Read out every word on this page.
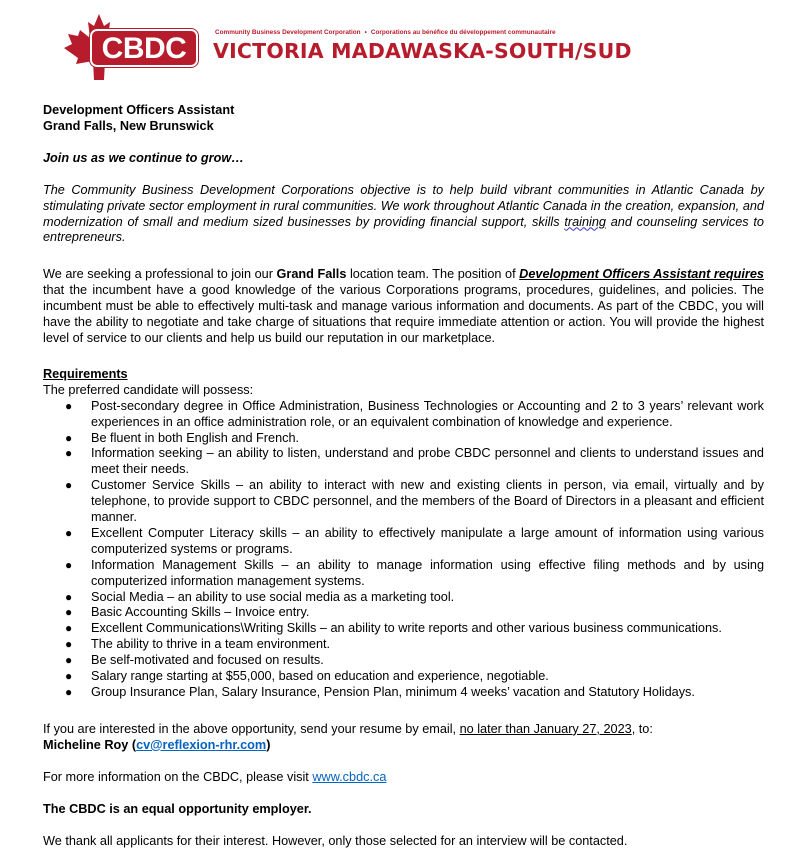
CBDC	Community Business Development Corporation • Corporations au bénéfice du développement communautaire
VICTORIA MADAWASKA-SOUTH/SUD

Development Officers Assistant

Grand Falls, New Brunswick

Join us as we continue to grow…

The Community Business Development Corporations objective is to help build vibrant communities in Atlantic Canada by stimulating private sector employment in rural communities. We work throughout Atlantic Canada in the creation, expansion, and modernization of small and medium sized businesses by providing financial support, skills training and counseling services to entrepreneurs.

We are seeking a professional to join our Grand Falls location team. The position of Development Officers Assistant requires that the incumbent have a good knowledge of the various Corporations programs, procedures, guidelines, and policies. The incumbent must be able to effectively multi-task and manage various information and documents. As part of the CBDC, you will have the ability to negotiate and take charge of situations that require immediate attention or action. You will provide the highest level of service to our clients and help us build our reputation in our marketplace.

Requirements

The preferred candidate will possess:

● Post-secondary degree in Office Administration, Business Technologies or Accounting and 2 to 3 years’ relevant work experiences in an office administration role, or an equivalent combination of knowledge and experience.
● Be fluent in both English and French.
● Information seeking – an ability to listen, understand and probe CBDC personnel and clients to understand issues and meet their needs.
● Customer Service Skills – an ability to interact with new and existing clients in person, via email, virtually and by telephone, to provide support to CBDC personnel, and the members of the Board of Directors in a pleasant and efficient manner.
● Excellent Computer Literacy skills – an ability to effectively manipulate a large amount of information using various computerized systems or programs.
● Information Management Skills – an ability to manage information using effective filing methods and by using computerized information management systems.
● Social Media – an ability to use social media as a marketing tool.
● Basic Accounting Skills – Invoice entry.
● Excellent Communications\Writing Skills – an ability to write reports and other various business communications.
● The ability to thrive in a team environment.
● Be self-motivated and focused on results.
● Salary range starting at $55,000, based on education and experience, negotiable.
● Group Insurance Plan, Salary Insurance, Pension Plan, minimum 4 weeks’ vacation and Statutory Holidays.

If you are interested in the above opportunity, send your resume by email, no later than January 27, 2023, to:

Micheline Roy (cv@reflexion-rhr.com)

For more information on the CBDC, please visit www.cbdc.ca

The CBDC is an equal opportunity employer.

We thank all applicants for their interest. However, only those selected for an interview will be contacted.
